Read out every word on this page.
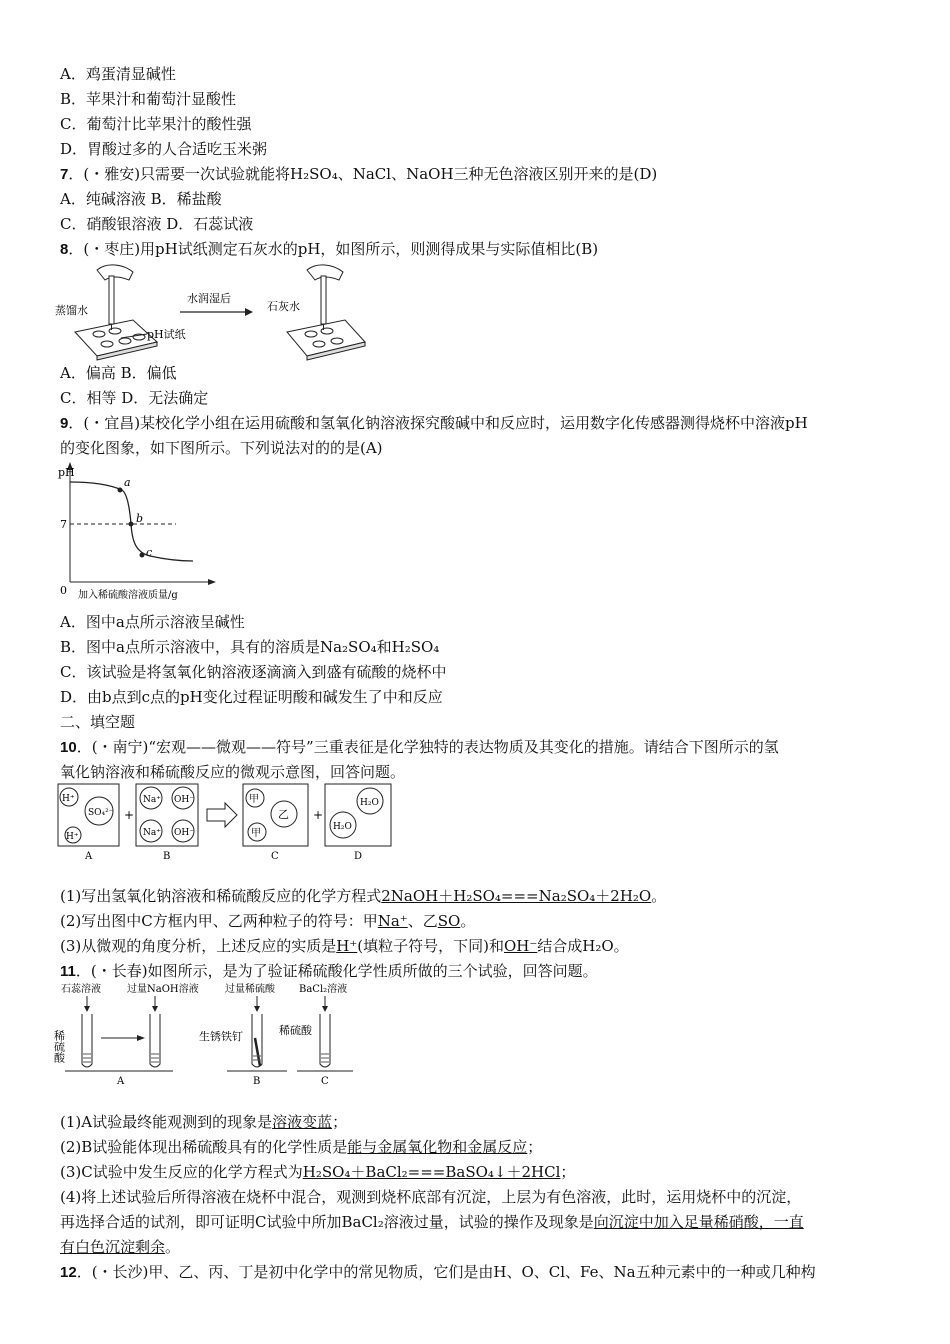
A．鸡蛋清显碱性
B．苹果汁和葡萄汁显酸性
C．葡萄汁比苹果汁的酸性强
D．胃酸过多的人合适吃玉米粥
7．(・雅安)只需要一次试验就能将H₂SO₄、NaCl、NaOH三种无色溶液区别开来的是(D)
A．纯碱溶液 B．稀盐酸
C．硝酸银溶液 D．石蕊试液
8．(・枣庄)用pH试纸测定石灰水的pH，如图所示，则测得成果与实际值相比(B)
pH试纸
蒸馏水
水润湿后
石灰水
A．偏高 B．偏低
C．相等 D．无法确定
9．(・宜昌)某校化学小组在运用硫酸和氢氧化钠溶液探究酸碱中和反应时，运用数字化传感器测得烧杯中溶液pH
的变化图象，如下图所示。下列说法对的的是(A)
pH
7
0 加入稀硫酸溶液质量/g
a
b
c
A．图中a点所示溶液呈碱性
B．图中a点所示溶液中，具有的溶质是Na₂SO₄和H₂SO₄
C．该试验是将氢氧化钠溶液逐滴滴入到盛有硫酸的烧杯中
D．由b点到c点的pH变化过程证明酸和碱发生了中和反应
二、填空题
10．(・南宁)“宏观——微观——符号”三重表征是化学独特的表达物质及其变化的措施。请结合下图所示的氢
氧化钠溶液和稀硫酸反应的微观示意图，回答问题。
H⁺
SO₄²⁻
H⁺
A
+
Na⁺ OH⁻
Na⁺ OH⁻
B
甲
乙
甲
C
+
H₂O
H₂O
D
(1)写出氢氧化钠溶液和稀硫酸反应的化学方程式2NaOH＋H₂SO₄===Na₂SO₄＋2H₂O。
(2)写出图中C方框内甲、乙两种粒子的符号：甲Na⁺、乙SO。
(3)从微观的角度分析，上述反应的实质是H⁺(填粒子符号，下同)和OH⁻结合成H₂O。
11．(・长春)如图所示，是为了验证稀硫酸化学性质所做的三个试验，回答问题。
石蕊溶液	过量NaOH溶液	过量稀硫酸 BaCl₂溶液
稀硫酸
A
生锈铁钉
B
稀硫酸
C
(1)A试验最终能观测到的现象是溶液变蓝；
(2)B试验能体现出稀硫酸具有的化学性质是能与金属氧化物和金属反应；
(3)C试验中发生反应的化学方程式为H₂SO₄＋BaCl₂===BaSO₄↓＋2HCl；
(4)将上述试验后所得溶液在烧杯中混合，观测到烧杯底部有沉淀，上层为有色溶液，此时，运用烧杯中的沉淀，
再选择合适的试剂，即可证明C试验中所加BaCl₂溶液过量，试验的操作及现象是向沉淀中加入足量稀硝酸，一直
有白色沉淀剩余。
12．(・长沙)甲、乙、丙、丁是初中化学中的常见物质，它们是由H、O、Cl、Fe、Na五种元素中的一种或几种构
